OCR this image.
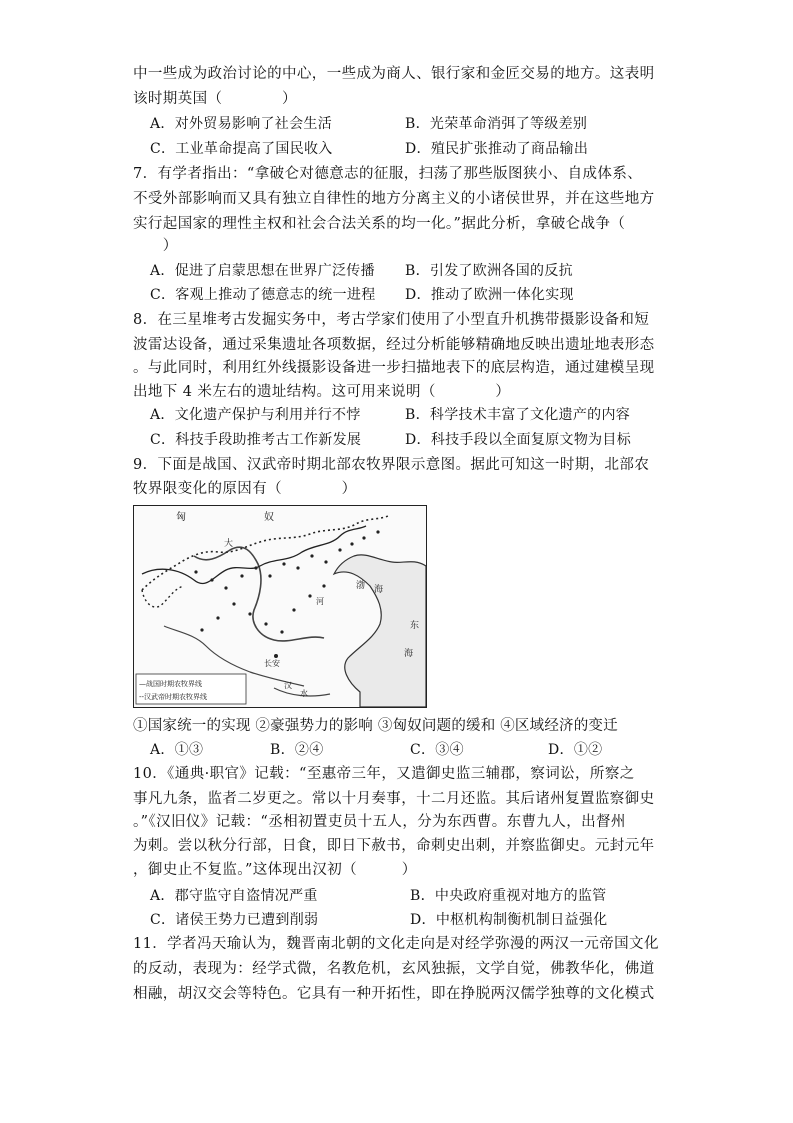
中一些成为政治讨论的中心，一些成为商人、银行家和金匠交易的地方。这表明
该时期英国（　　　　）
A．对外贸易影响了社会生活	B．光荣革命消弭了等级差别
C．工业革命提高了国民收入	D．殖民扩张推动了商品输出
7．有学者指出：“拿破仑对德意志的征服，扫荡了那些版图狭小、自成体系、
不受外部影响而又具有独立自律性的地方分离主义的小诸侯世界，并在这些地方
实行起国家的理性主权和社会合法关系的均一化。”据此分析，拿破仑战争（
　　）
A．促进了启蒙思想在世界广泛传播 B．引发了欧洲各国的反抗
C．客观上推动了德意志的统一进程 D．推动了欧洲一体化实现
8．在三星堆考古发掘实务中，考古学家们使用了小型直升机携带摄影设备和短
波雷达设备，通过采集遗址各项数据，经过分析能够精确地反映出遗址地表形态
。与此同时，利用红外线摄影设备进一步扫描地表下的底层构造，通过建模呈现
出地下 4 米左右的遗址结构。这可用来说明（　　　　）
A．文化遗产保护与利用并行不悖	B．科学技术丰富了文化遗产的内容
C．科技手段助推考古工作新发展	D．科技手段以全面复原文物为目标
9．下面是战国、汉武帝时期北部农牧界限示意图。据此可知这一时期，北部农
牧界限变化的原因有（　　　　）
匈	奴
大
渤 海
东
海
长安
河
汉
水
—战国时期农牧界线
--汉武帝时期农牧界线
①国家统一的实现 ②豪强势力的影响 ③匈奴问题的缓和 ④区域经济的变迁
A．①③	B．②④	C．③④	D．①②
10．《通典·职官》记载：“至惠帝三年，又遣御史监三辅郡，察词讼，所察之
事凡九条，监者二岁更之。常以十月奏事，十二月还监。其后诸州复置监察御史
。”《汉旧仪》记载：“丞相初置吏员十五人，分为东西曹。东曹九人，出督州
为刺。尝以秋分行部，日食，即日下赦书，命刺史出刺，并察监御史。元封元年
，御史止不复监。”这体现出汉初（　　　）
A．郡守监守自盗情况严重	B．中央政府重视对地方的监管
C．诸侯王势力已遭到削弱	D．中枢机构制衡机制日益强化
11．学者冯天瑜认为，魏晋南北朝的文化走向是对经学弥漫的两汉一元帝国文化
的反动，表现为：经学式微，名教危机，玄风独振，文学自觉，佛教华化，佛道
相融，胡汉交会等特色。它具有一种开拓性，即在挣脱两汉儒学独尊的文化模式
